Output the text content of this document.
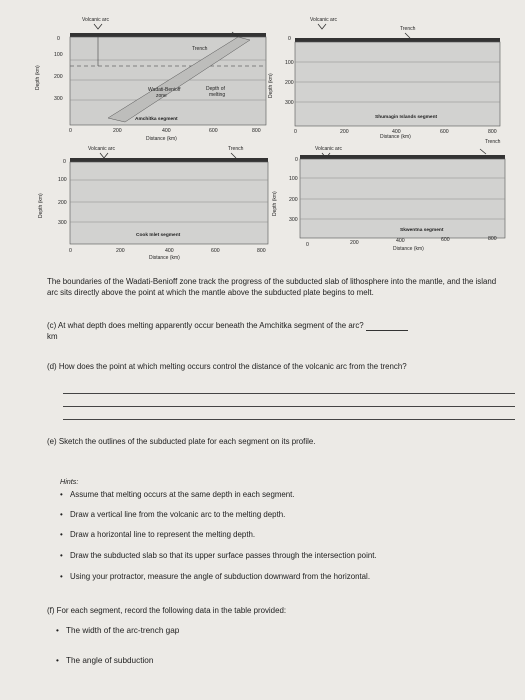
Volcanic arc
Trench
Wadati-Benioff
zone
Depth of
melting
Amchitka segment
0
100
200
300
Depth (km)
0	200	400	600	800
Distance (km)
Volcanic arc
Trench
Shumagin Islands segment
0
100
200
300
Depth (km)
0	200	400	600	800
Distance (km)
Volcanic arc	Trench
Cook Inlet segment
0
100
200
300
Depth (km)
0	200	400	600	800
Distance (km)
Volcanic arc
Trench
Skwentna segment
0
100
200
300
Depth (km)
0	200	400	600	800
Distance (km)
The boundaries of the Wadati-Benioff zone track the progress of the subducted slab of lithosphere into the mantle, and the island arc sits directly above the point at which the mantle above the subducted plate begins to melt.
(c) At what depth does melting apparently occur beneath the Amchitka segment of the arc?
km
(d) How does the point at which melting occurs control the distance of the volcanic arc from the trench?
(e) Sketch the outlines of the subducted plate for each segment on its profile.
Hints:
• Assume that melting occurs at the same depth in each segment.
• Draw a vertical line from the volcanic arc to the melting depth.
• Draw a horizontal line to represent the melting depth.
• Draw the subducted slab so that its upper surface passes through the intersection point.
• Using your protractor, measure the angle of subduction downward from the horizontal.
(f) For each segment, record the following data in the table provided:
• The width of the arc-trench gap
• The angle of subduction
